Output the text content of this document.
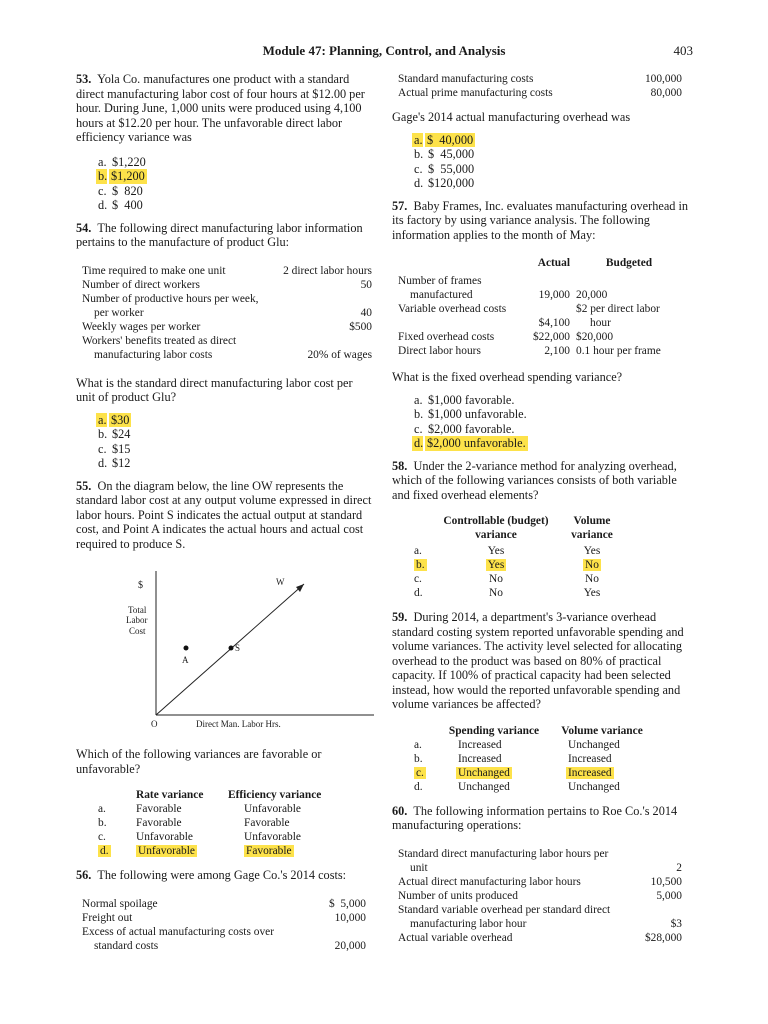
Module 47: Planning, Control, and Analysis	403

53. Yola Co. manufactures one product with a standard direct manufacturing labor cost of four hours at $12.00 per hour. During June, 1,000 units were produced using 4,100 hours at $12.20 per hour. The unfavorable direct labor efficiency variance was

a. $1,220
b. $1,200
c. $  820
d. $  400

54. The following direct manufacturing labor information pertains to the manufacture of product Glu:

Time required to make one unit	2 direct labor hours
Number of direct workers	50
Number of productive hours per week,	
per worker	40
Weekly wages per worker	$500
Workers' benefits treated as direct	
manufacturing labor costs	20% of wages

What is the standard direct manufacturing labor cost per unit of product Glu?

a. $30
b. $24
c. $15
d. $12

55. On the diagram below, the line OW represents the standard labor cost at any output volume expressed in direct labor hours. Point S indicates the actual output at standard cost, and Point A indicates the actual hours and actual cost required to produce S.

$
Total
Labor
Cost
W
S
A
O	Direct Man. Labor Hrs.

Which of the following variances are favorable or unfavorable?

	Rate variance	Efficiency variance
a.	Favorable	Unfavorable
b.	Favorable	Favorable
c.	Unfavorable	Unfavorable
d.	Unfavorable	Favorable

56. The following were among Gage Co.'s 2014 costs:

Normal spoilage	$  5,000
Freight out	10,000
Excess of actual manufacturing costs over	
standard costs	20,000
Standard manufacturing costs	100,000
Actual prime manufacturing costs	80,000

Gage's 2014 actual manufacturing overhead was

a. $  40,000
b. $  45,000
c. $  55,000
d. $120,000

57. Baby Frames, Inc. evaluates manufacturing overhead in its factory by using variance analysis. The following information applies to the month of May:

	Actual	Budgeted
Number of frames		
manufactured	19,000	20,000
Variable overhead costs		$2 per direct labor
	$4,100	hour
Fixed overhead costs	$22,000	$20,000
Direct labor hours	2,100	0.1 hour per frame

What is the fixed overhead spending variance?

a. $1,000 favorable.
b. $1,000 unfavorable.
c. $2,000 favorable.
d. $2,000 unfavorable.

58. Under the 2-variance method for analyzing overhead, which of the following variances consists of both variable and fixed overhead elements?

	Controllable (budget)	Volume
	variance	variance
a.	Yes	Yes
b.	Yes	No
c.	No	No
d.	No	Yes

59. During 2014, a department's 3-variance overhead standard costing system reported unfavorable spending and volume variances. The activity level selected for allocating overhead to the product was based on 80% of practical capacity. If 100% of practical capacity had been selected instead, how would the reported unfavorable spending and volume variances be affected?

	Spending variance	Volume variance
a.	Increased	Unchanged
b.	Increased	Increased
c.	Unchanged	Increased
d.	Unchanged	Unchanged

60. The following information pertains to Roe Co.'s 2014 manufacturing operations:

Standard direct manufacturing labor hours per	
unit	2
Actual direct manufacturing labor hours	10,500
Number of units produced	5,000
Standard variable overhead per standard direct	
manufacturing labor hour	$3
Actual variable overhead	$28,000
